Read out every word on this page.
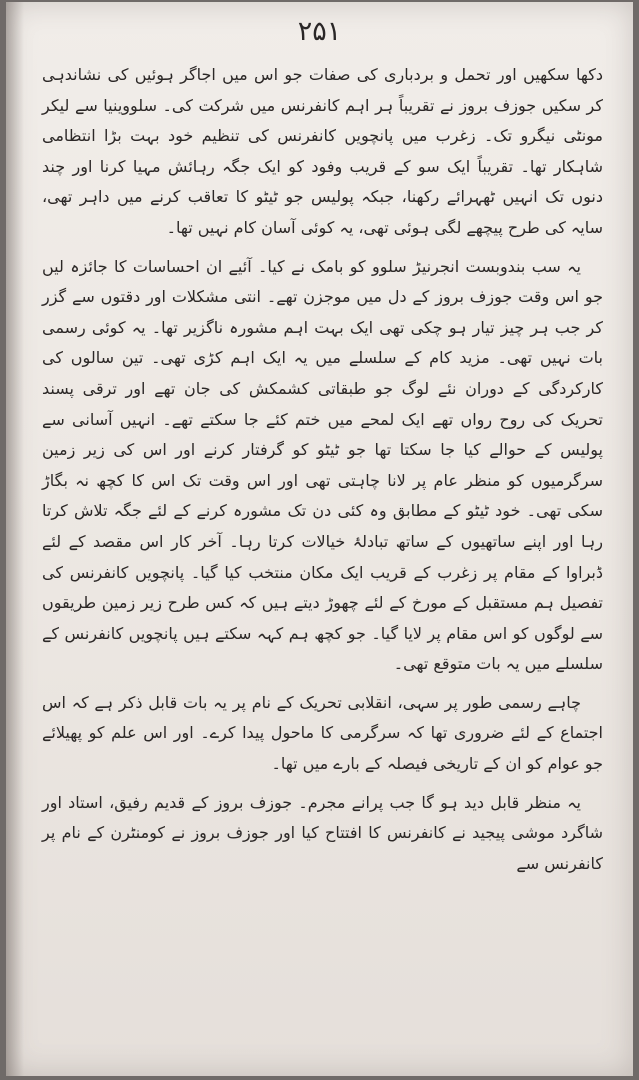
۲۵۱

دکھا سکھیں اور تحمل و بردباری کی صفات جو اس میں اجاگر ہوئیں کی نشاندہی کر سکیں جوزف بروز نے تقریباً ہر اہم کانفرنس میں شرکت کی۔ سلووینیا سے لیکر مونٹی نیگرو تک۔ زغرب میں پانچویں کانفرنس کی تنظیم خود بہت بڑا انتظامی شاہکار تھا۔ تقریباً ایک سو کے قریب وفود کو ایک جگہ رہائش مہیا کرنا اور چند دنوں تک انہیں ٹھہرائے رکھنا، جبکہ پولیس جو ٹیٹو کا تعاقب کرنے میں داہر تھی، سایہ کی طرح پیچھے لگی ہوئی تھی، یہ کوئی آسان کام نہیں تھا۔

یہ سب بندوبست انجرنیڑ سلوو کو بامک نے کیا۔ آئیے ان احساسات کا جائزہ لیں جو اس وقت جوزف بروز کے دل میں موجزن تھے۔ انتی مشکلات اور دقتوں سے گزر کر جب ہر چیز تیار ہو چکی تھی ایک بہت اہم مشورہ ناگزیر تھا۔ یہ کوئی رسمی بات نہیں تھی۔ مزید کام کے سلسلے میں یہ ایک اہم کڑی تھی۔ تین سالوں کی کارکردگی کے دوران نئے لوگ جو طبقاتی کشمکش کی جان تھے اور ترقی پسند تحریک کی روح رواں تھے ایک لمحے میں ختم کئے جا سکتے تھے۔ انہیں آسانی سے پولیس کے حوالے کیا جا سکتا تھا جو ٹیٹو کو گرفتار کرنے اور اس کی زیر زمین سرگرمیوں کو منظر عام پر لانا چاہتی تھی اور اس وقت تک اس کا کچھ نہ بگاڑ سکی تھی۔ خود ٹیٹو کے مطابق وہ کئی دن تک مشورہ کرنے کے لئے جگہ تلاش کرتا رہا اور اپنے ساتھیوں کے ساتھ تبادلۂ خیالات کرتا رہا۔ آخر کار اس مقصد کے لئے ڈبراوا کے مقام پر زغرب کے قریب ایک مکان منتخب کیا گیا۔ پانچویں کانفرنس کی تفصیل ہم مستقبل کے مورخ کے لئے چھوڑ دیتے ہیں کہ کس طرح زیر زمین طریقوں سے لوگوں کو اس مقام پر لایا گیا۔ جو کچھ ہم کہہ سکتے ہیں پانچویں کانفرنس کے سلسلے میں یہ بات متوقع تھی۔

چاہے رسمی طور پر سہی، انقلابی تحریک کے نام پر یہ بات قابل ذکر ہے کہ اس اجتماع کے لئے ضروری تھا کہ سرگرمی کا ماحول پیدا کرے۔ اور اس علم کو پھیلائے جو عوام کو ان کے تاریخی فیصلہ کے بارے میں تھا۔

یہ منظر قابل دید ہو گا جب پرانے مجرم۔ جوزف بروز کے قدیم رفیق، استاد اور شاگرد موشی پیجید نے کانفرنس کا افتتاح کیا اور جوزف بروز نے کومنٹرن کے نام پر کانفرنس سے
